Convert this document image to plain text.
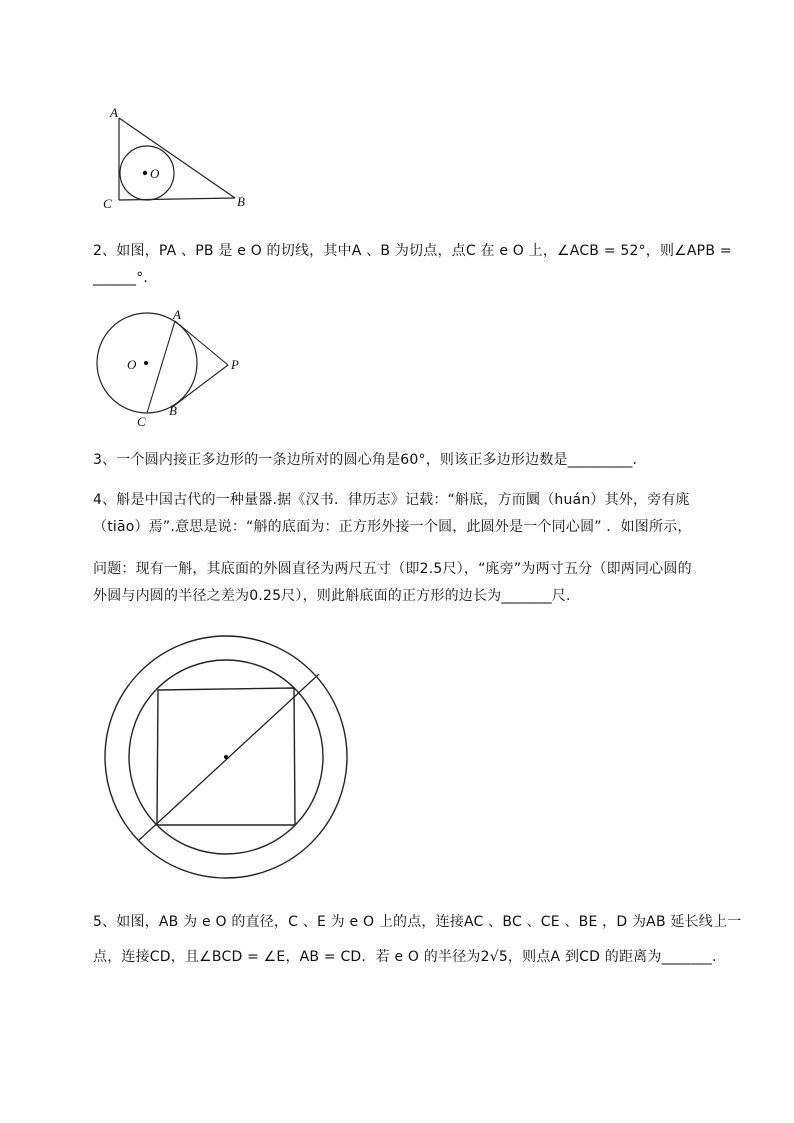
A
O
C	B
2、如图，PA 、PB 是 e O 的切线，其中A 、B 为切点，点C 在 e O 上，∠ACB = 52°，则∠APB =
______°.
A
O	P
C
B
3、一个圆内接正多边形的一条边所对的圆心角是60°，则该正多边形边数是_________.
4、斛是中国古代的一种量器.据《汉书．律历志》记载：“斛底，方而圜（huán）其外，旁有庣
（tiāo）焉”.意思是说：“斛的底面为：正方形外接一个圆，此圆外是一个同心圆” ．如图所示，
问题：现有一斛，其底面的外圆直径为两尺五寸（即2.5尺），“庣旁”为两寸五分（即两同心圆的
外圆与内圆的半径之差为0.25尺），则此斛底面的正方形的边长为_______尺.
5、如图，AB 为 e O 的直径，C 、E 为 e O 上的点，连接AC 、BC 、CE 、BE ，D 为AB 延长线上一
点，连接CD，且∠BCD = ∠E，AB = CD．若 e O 的半径为2√5，则点A 到CD 的距离为_______.
